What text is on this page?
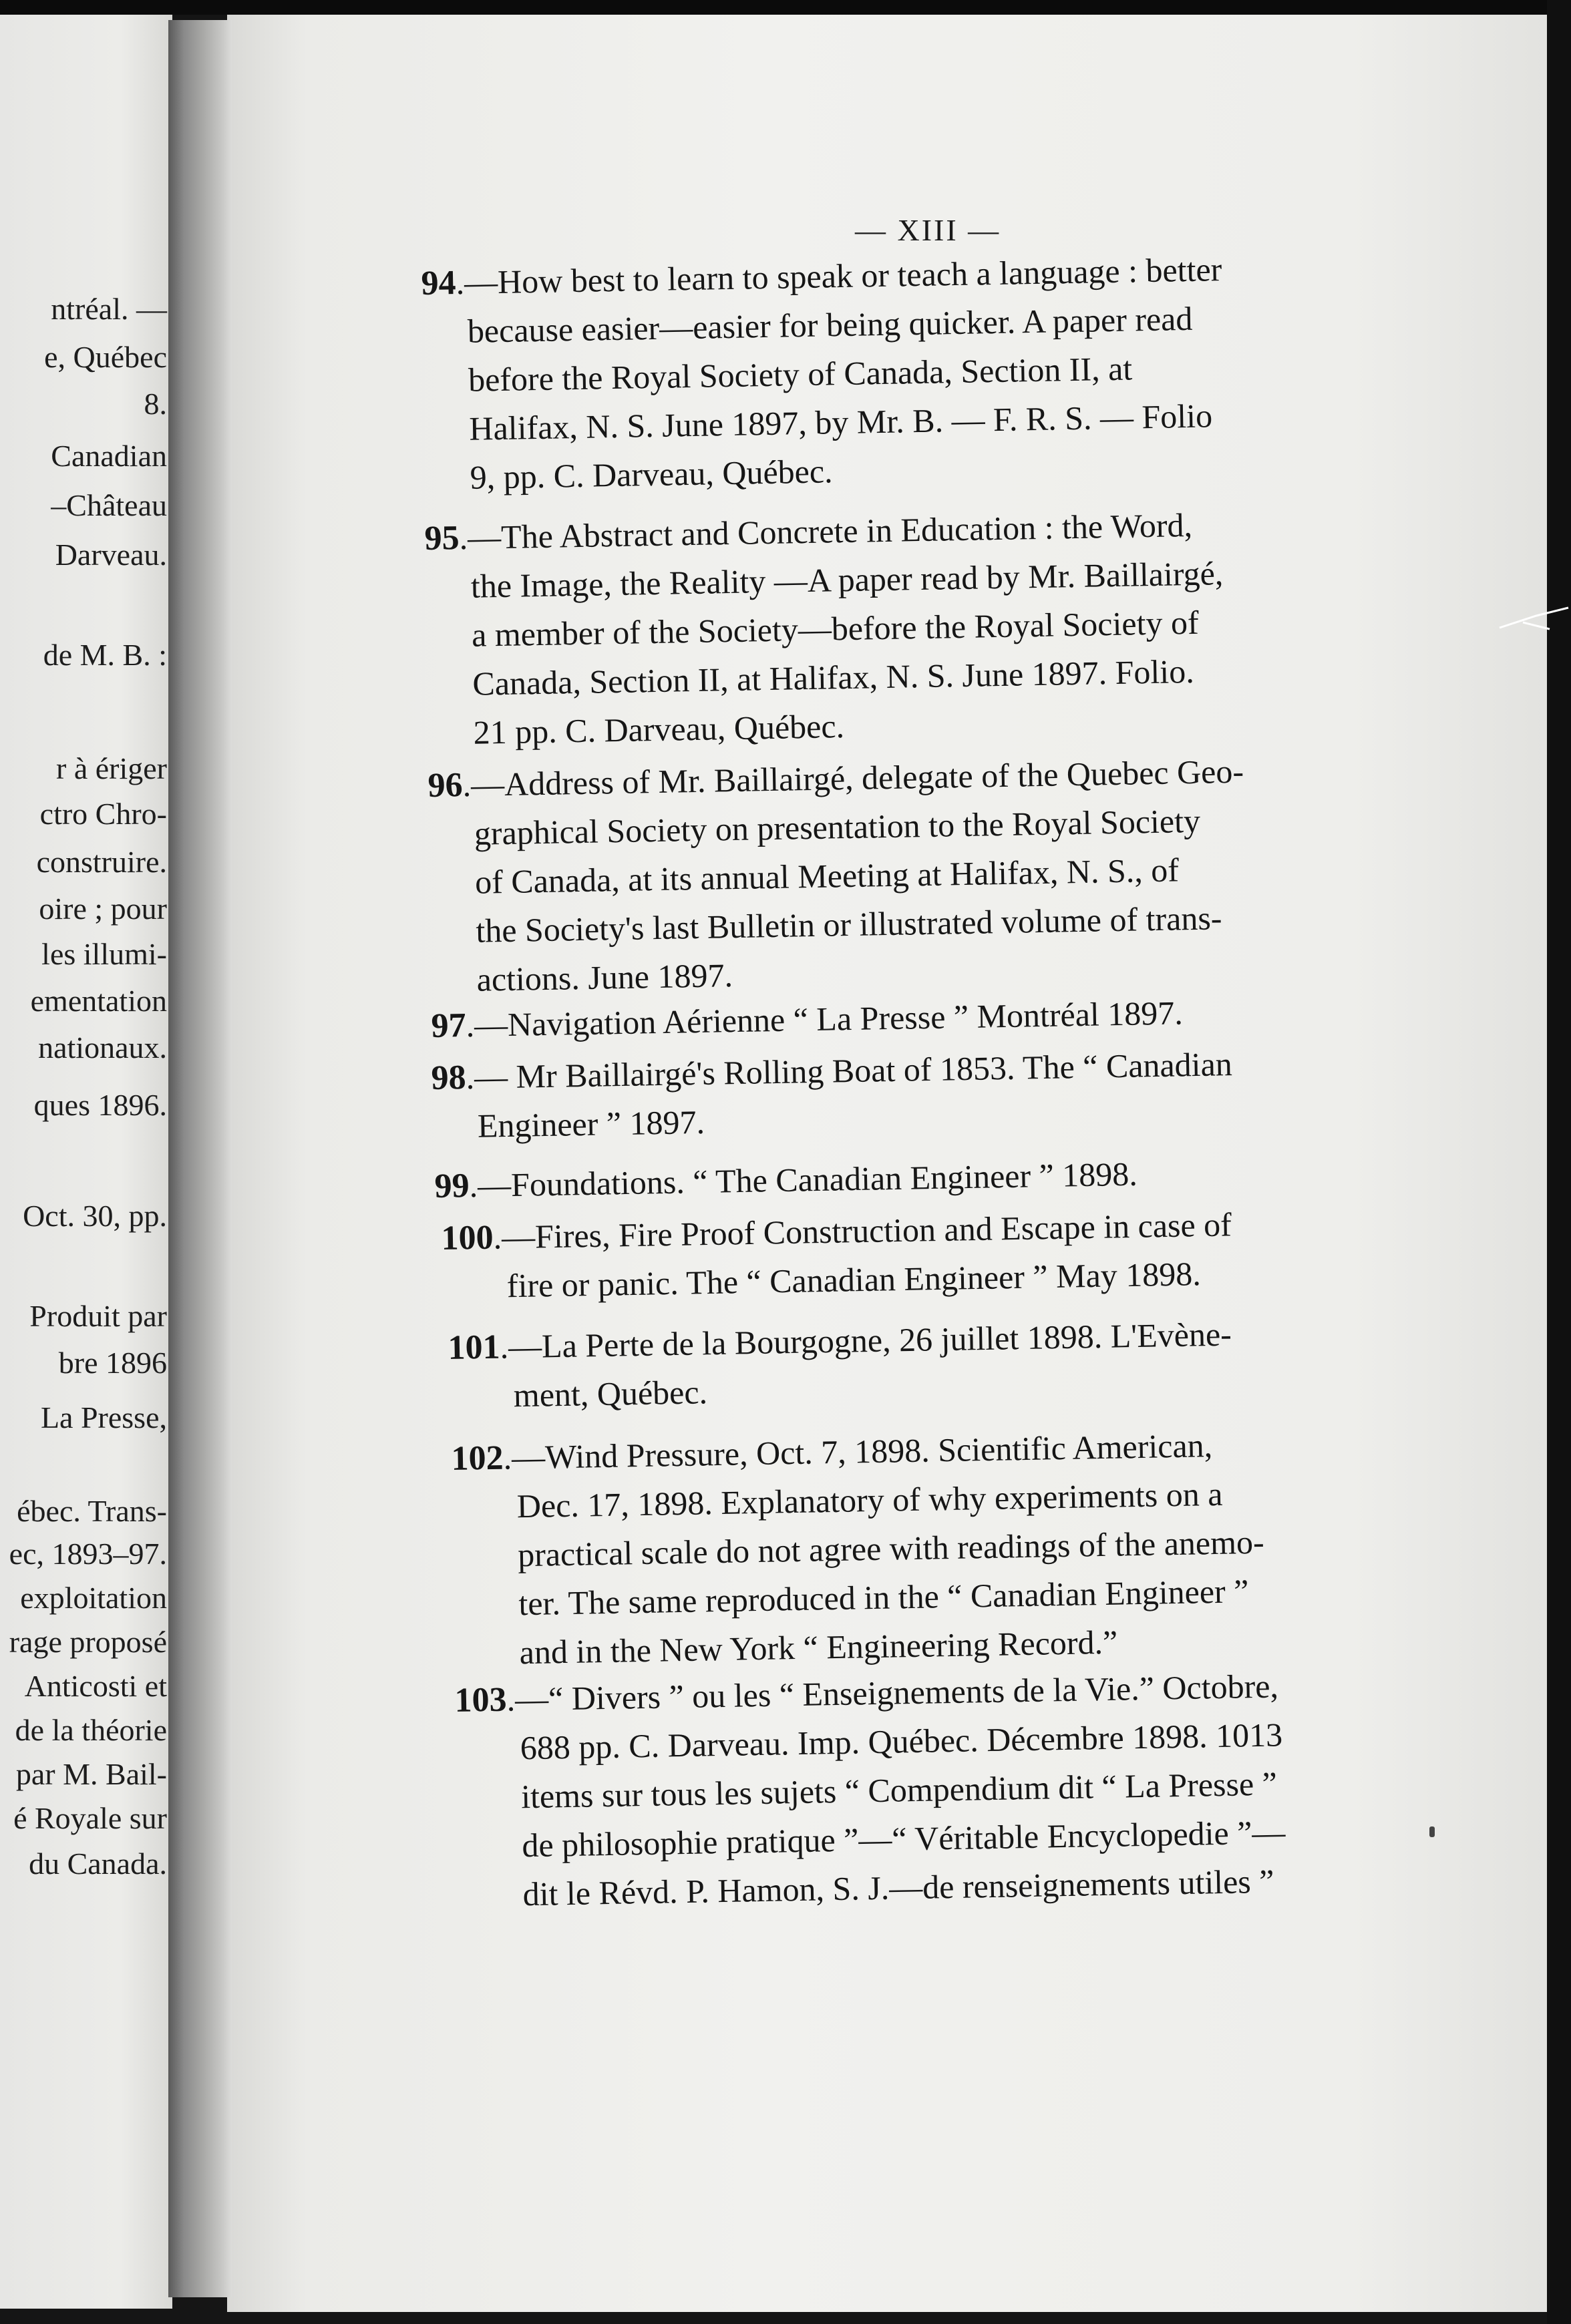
ntréal. —
e, Québec
8.
Canadian
–Château
Darveau.
de M. B. :
r à ériger
ctro Chro-
construire.
oire ; pour
les illumi-
ementation
nationaux.
ques 1896.
Oct. 30, pp.
Produit par
bre 1896
La Presse,
ébec. Trans-
ec, 1893–97.
exploitation
rage proposé
Anticosti et
de la théorie
par M. Bail-
é Royale sur
du Canada.
— XIII —
94.––How best to learn to speak or teach a language : better
because easier—easier for being quicker. A paper read
before the Royal Society of Canada, Section II, at
Halifax, N. S. June 1897, by Mr. B. — F. R. S. — Folio
9, pp. C. Darveau, Québec.
95.––The Abstract and Concrete in Education : the Word,
the Image, the Reality —A paper read by Mr. Baillairgé,
a member of the Society—before the Royal Society of
Canada, Section II, at Halifax, N. S. June 1897. Folio.
21 pp. C. Darveau, Québec.
96.—Address of Mr. Baillairgé, delegate of the Quebec Geo-
graphical Society on presentation to the Royal Society
of Canada, at its annual Meeting at Halifax, N. S., of
the Society's last Bulletin or illustrated volume of trans-
actions. June 1897.
97.—Navigation Aérienne “ La Presse ” Montréal 1897.
98.— Mr Baillairgé's Rolling Boat of 1853. The “ Canadian
Engineer ” 1897.
99.—Foundations. “ The Canadian Engineer ” 1898.
100.—Fires, Fire Proof Construction and Escape in case of
fire or panic. The “ Canadian Engineer ” May 1898.
101.—La Perte de la Bourgogne, 26 juillet 1898. L'Evène-
ment, Québec.
102.—Wind Pressure, Oct. 7, 1898. Scientific American,
Dec. 17, 1898. Explanatory of why experiments on a
practical scale do not agree with readings of the anemo-
ter. The same reproduced in the “ Canadian Engineer ”
and in the New York “ Engineering Record.”
103.—“ Divers ” ou les “ Enseignements de la Vie.” Octobre,
688 pp. C. Darveau. Imp. Québec. Décembre 1898. 1013
items sur tous les sujets “ Compendium dit “ La Presse ”
de philosophie pratique ”—“ Véritable Encyclopedie ”—
dit le Révd. P. Hamon, S. J.—de renseignements utiles ”
